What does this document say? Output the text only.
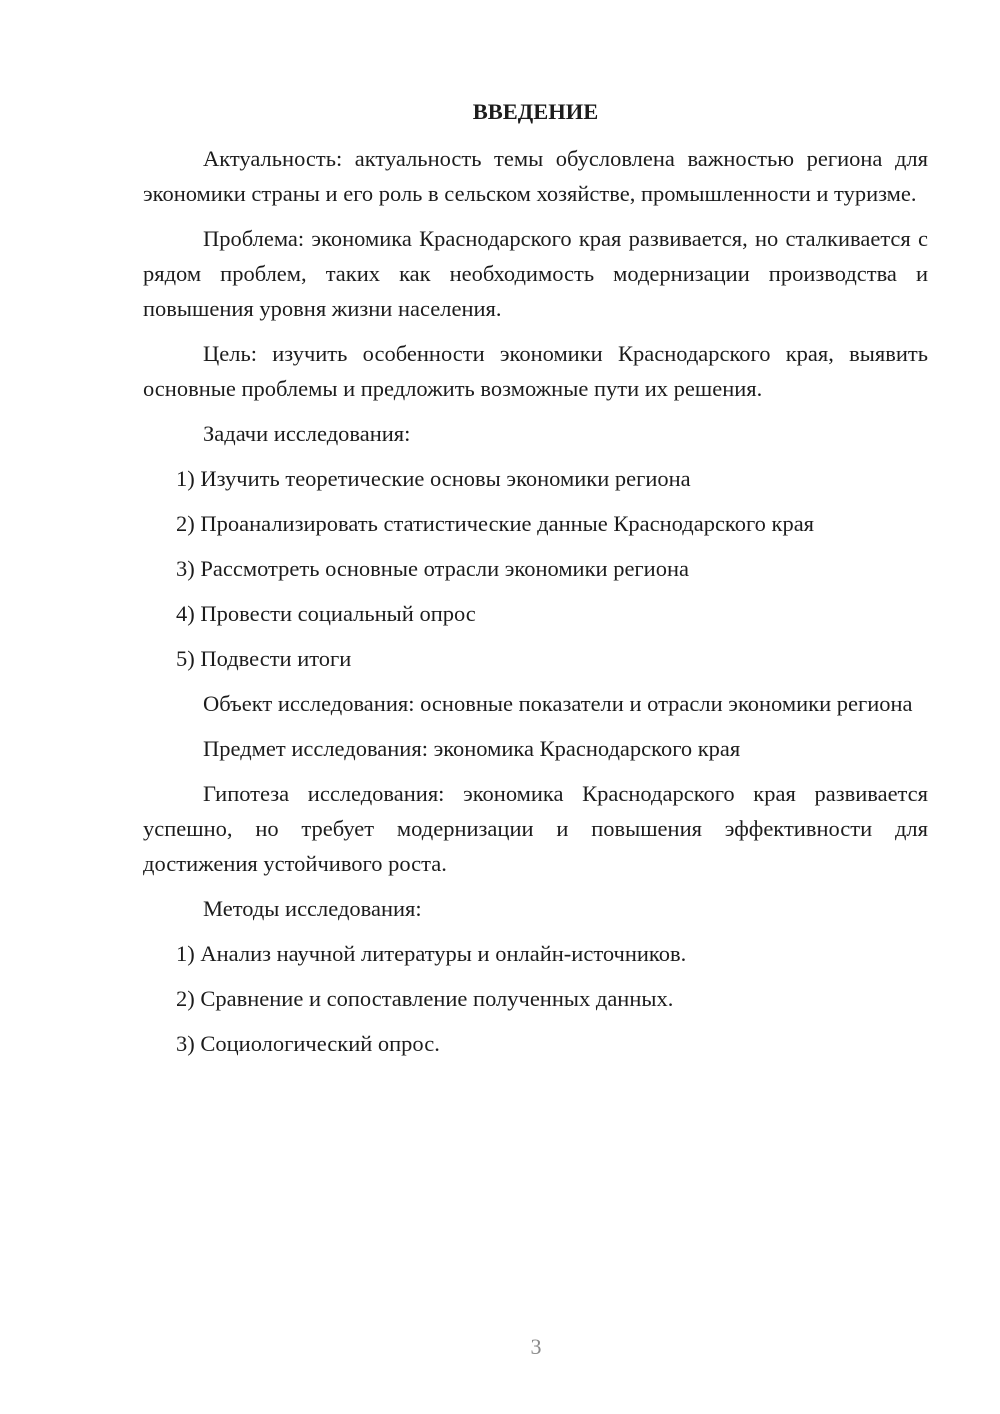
ВВЕДЕНИЕ

Актуальность: актуальность темы обусловлена важностью региона для экономики страны и его роль в сельском хозяйстве, промышленности и туризме.

Проблема: экономика Краснодарского края развивается, но сталкивается с рядом проблем, таких как необходимость модернизации производства и повышения уровня жизни населения.

Цель: изучить особенности экономики Краснодарского края, выявить основные проблемы и предложить возможные пути их решения.

Задачи исследования:
1) Изучить теоретические основы экономики региона
2) Проанализировать статистические данные Краснодарского края
3) Рассмотреть основные отрасли экономики региона
4) Провести социальный опрос
5) Подвести итоги

Объект исследования: основные показатели и отрасли экономики региона

Предмет исследования: экономика Краснодарского края

Гипотеза исследования: экономика Краснодарского края развивается успешно, но требует модернизации и повышения эффективности для достижения устойчивого роста.

Методы исследования:
1) Анализ научной литературы и онлайн-источников.
2) Сравнение и сопоставление полученных данных.
3) Социологический опрос.
3
